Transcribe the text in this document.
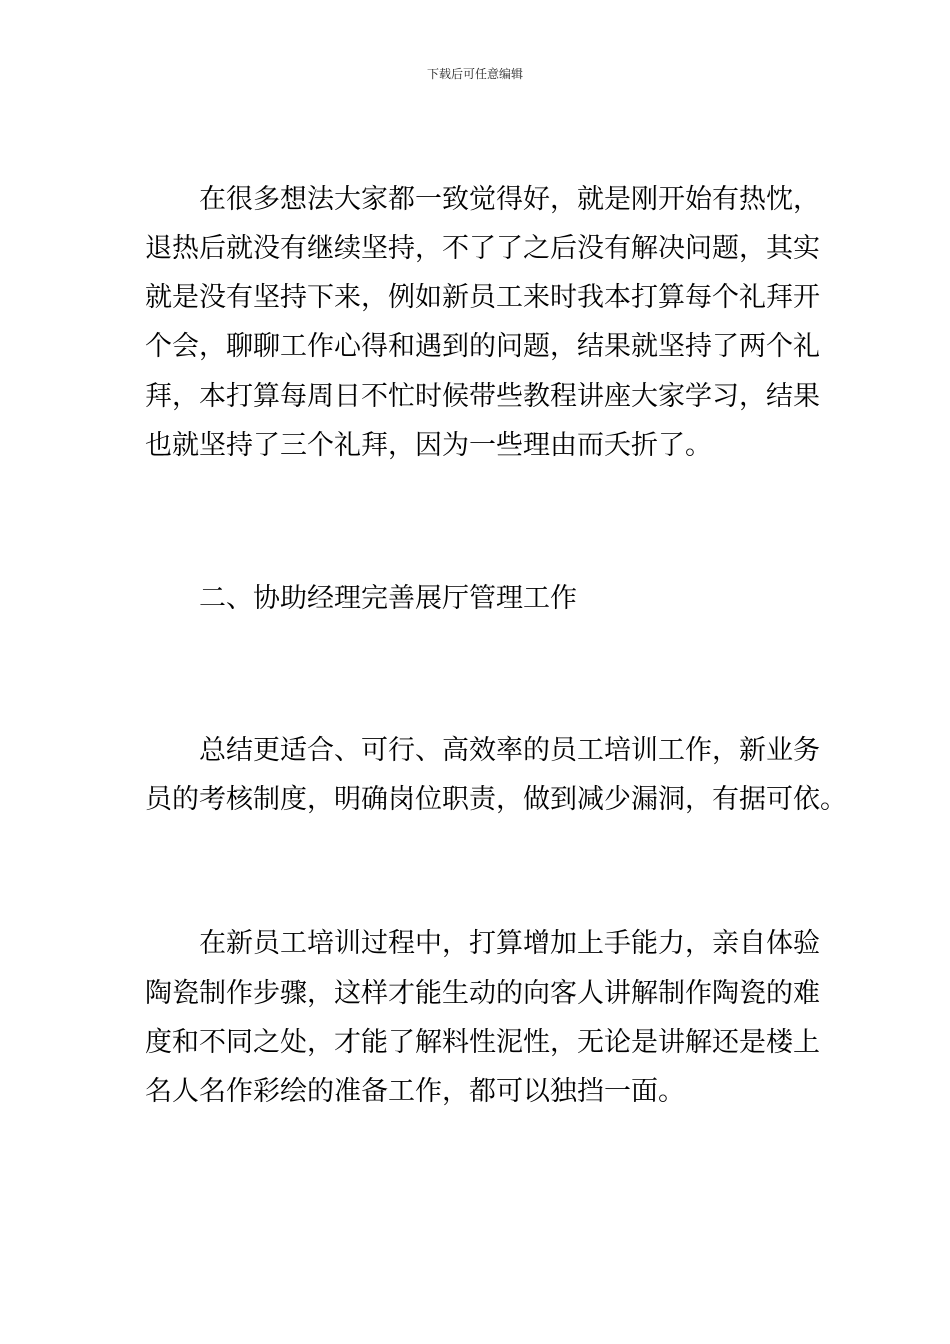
下载后可任意编辑
在很多想法大家都一致觉得好，就是刚开始有热忱，
退热后就没有继续坚持，不了了之后没有解决问题，其实
就是没有坚持下来，例如新员工来时我本打算每个礼拜开
个会，聊聊工作心得和遇到的问题，结果就坚持了两个礼
拜，本打算每周日不忙时候带些教程讲座大家学习，结果
也就坚持了三个礼拜，因为一些理由而夭折了。
二、协助经理完善展厅管理工作
总结更适合、可行、高效率的员工培训工作，新业务
员的考核制度，明确岗位职责，做到减少漏洞，有据可依。
在新员工培训过程中，打算增加上手能力，亲自体验
陶瓷制作步骤，这样才能生动的向客人讲解制作陶瓷的难
度和不同之处，才能了解料性泥性，无论是讲解还是楼上
名人名作彩绘的准备工作，都可以独挡一面。
